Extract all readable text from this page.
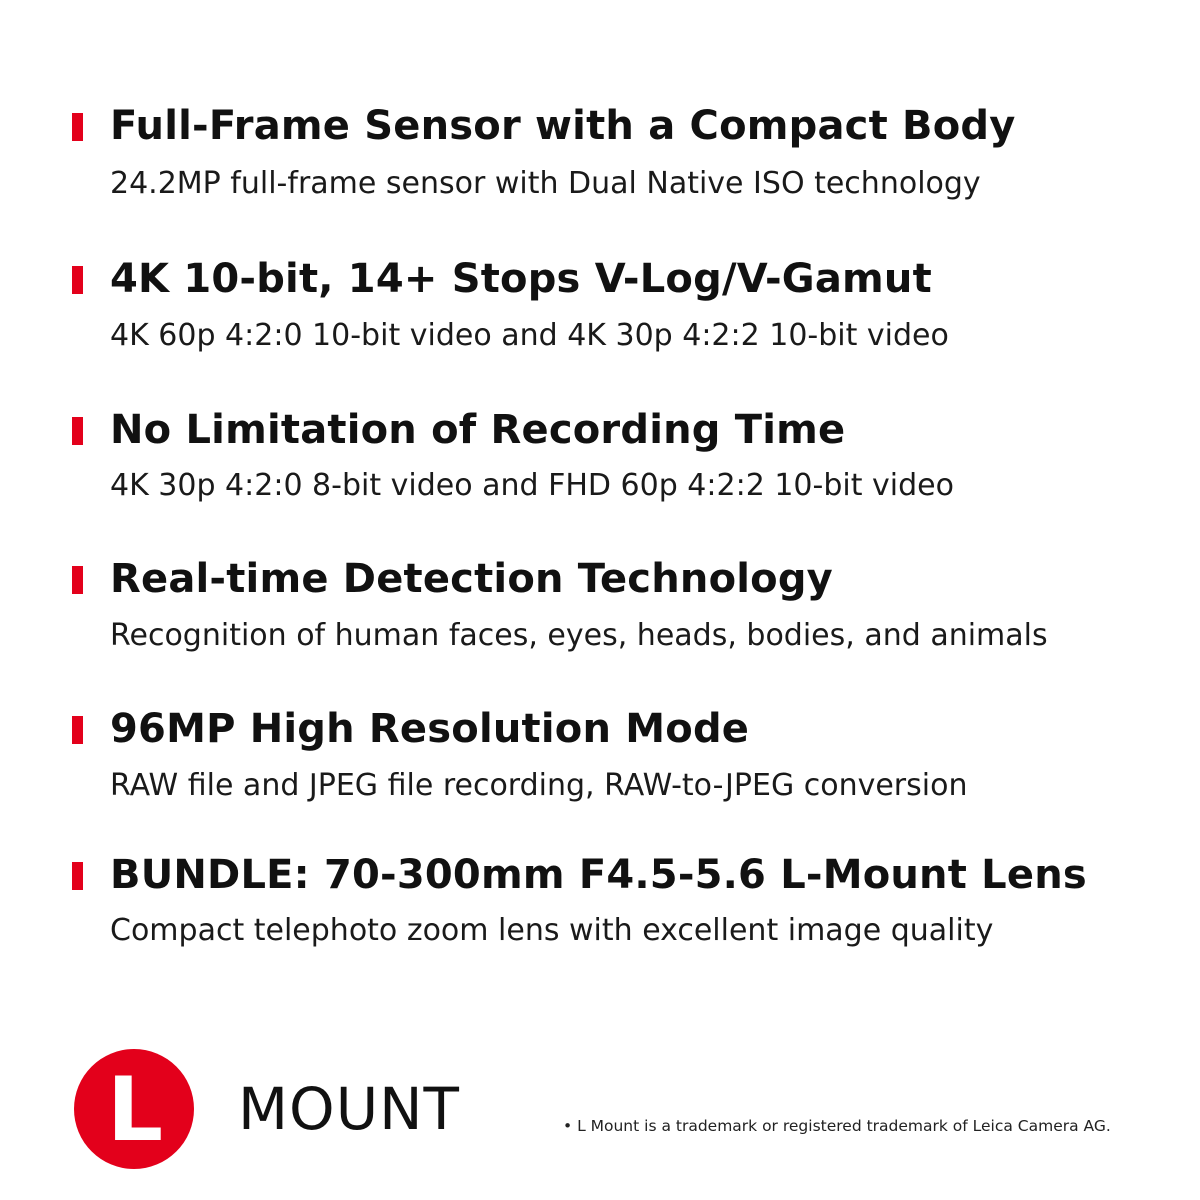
Full-Frame Sensor with a Compact Body
24.2MP full-frame sensor with Dual Native ISO technology
4K 10-bit, 14+ Stops V-Log/V-Gamut
4K 60p 4:2:0 10-bit video and 4K 30p 4:2:2 10-bit video
No Limitation of Recording Time
4K 30p 4:2:0 8-bit video and FHD 60p 4:2:2 10-bit video
Real-time Detection Technology
Recognition of human faces, eyes, heads, bodies, and animals
96MP High Resolution Mode
RAW file and JPEG file recording, RAW-to-JPEG conversion
BUNDLE: 70-300mm F4.5-5.6 L-Mount Lens
Compact telephoto zoom lens with excellent image quality
L MOUNT	• L Mount is a trademark or registered trademark of Leica Camera AG.
